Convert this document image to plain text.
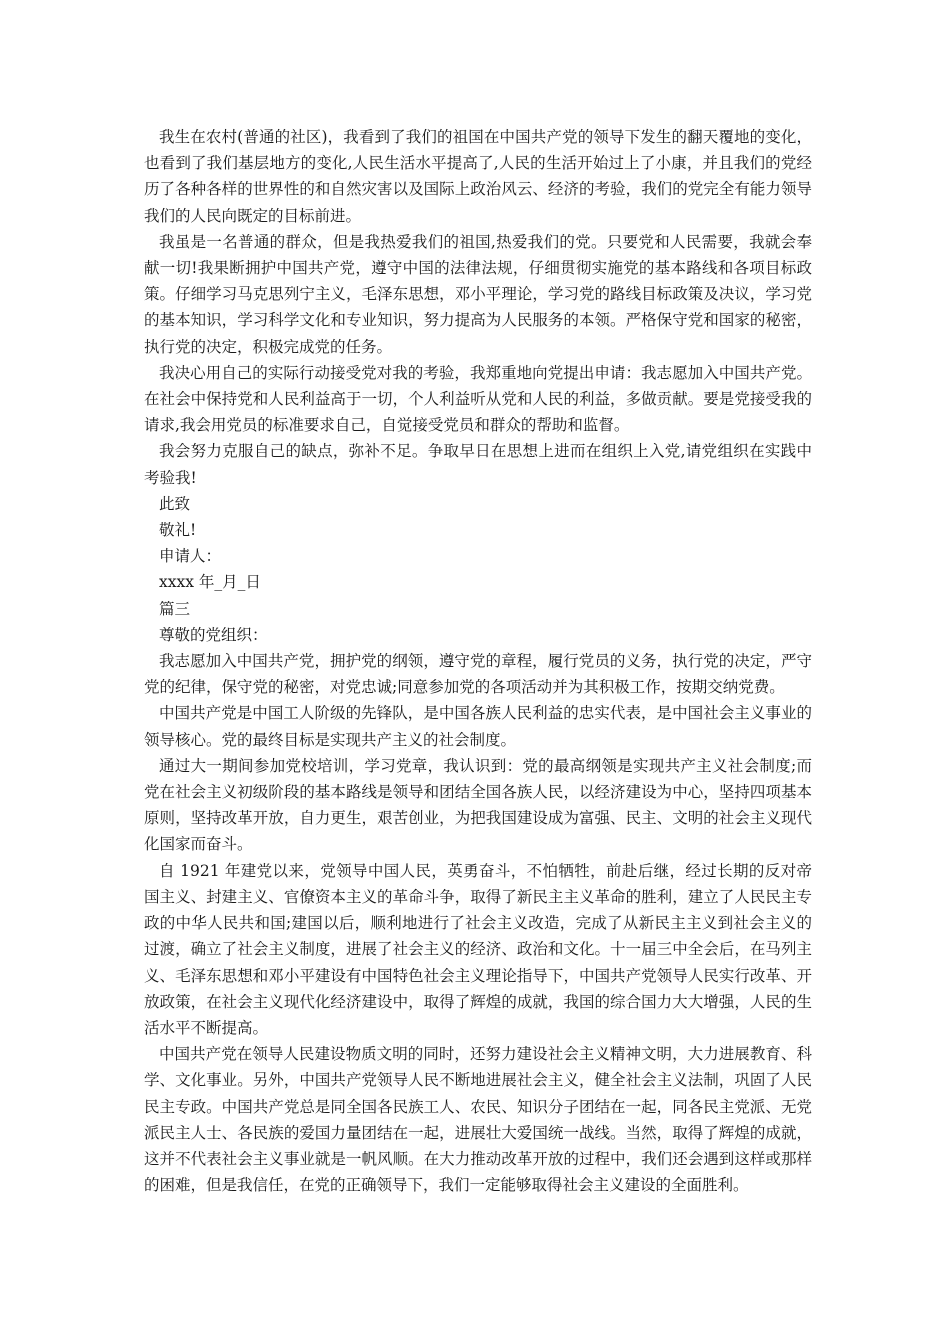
我生在农村(普通的社区)，我看到了我们的祖国在中国共产党的领导下发生的翻天覆地的变化，也看到了我们基层地方的变化,人民生活水平提高了,人民的生活开始过上了小康，并且我们的党经历了各种各样的世界性的和自然灾害以及国际上政治风云、经济的考验，我们的党完全有能力领导我们的人民向既定的目标前进。

我虽是一名普通的群众，但是我热爱我们的祖国,热爱我们的党。只要党和人民需要，我就会奉献一切!我果断拥护中国共产党，遵守中国的法律法规，仔细贯彻实施党的基本路线和各项目标政策。仔细学习马克思列宁主义，毛泽东思想，邓小平理论，学习党的路线目标政策及决议，学习党的基本知识，学习科学文化和专业知识，努力提高为人民服务的本领。严格保守党和国家的秘密，执行党的决定，积极完成党的任务。

我决心用自己的实际行动接受党对我的考验，我郑重地向党提出申请：我志愿加入中国共产党。在社会中保持党和人民利益高于一切，个人利益听从党和人民的利益，多做贡献。要是党接受我的请求,我会用党员的标准要求自己，自觉接受党员和群众的帮助和监督。

我会努力克服自己的缺点，弥补不足。争取早日在思想上进而在组织上入党,请党组织在实践中考验我!

此致

敬礼!

申请人：

xxxx 年_月_日

篇三

尊敬的党组织：

我志愿加入中国共产党，拥护党的纲领，遵守党的章程，履行党员的义务，执行党的决定，严守党的纪律，保守党的秘密，对党忠诚;同意参加党的各项活动并为其积极工作，按期交纳党费。

中国共产党是中国工人阶级的先锋队，是中国各族人民利益的忠实代表，是中国社会主义事业的领导核心。党的最终目标是实现共产主义的社会制度。

通过大一期间参加党校培训，学习党章，我认识到：党的最高纲领是实现共产主义社会制度;而党在社会主义初级阶段的基本路线是领导和团结全国各族人民，以经济建设为中心，坚持四项基本原则，坚持改革开放，自力更生，艰苦创业，为把我国建设成为富强、民主、文明的社会主义现代化国家而奋斗。

自 1921 年建党以来，党领导中国人民，英勇奋斗，不怕牺牲，前赴后继，经过长期的反对帝国主义、封建主义、官僚资本主义的革命斗争，取得了新民主主义革命的胜利，建立了人民民主专政的中华人民共和国;建国以后，顺利地进行了社会主义改造，完成了从新民主主义到社会主义的过渡，确立了社会主义制度，进展了社会主义的经济、政治和文化。十一届三中全会后，在马列主义、毛泽东思想和邓小平建设有中国特色社会主义理论指导下，中国共产党领导人民实行改革、开放政策，在社会主义现代化经济建设中，取得了辉煌的成就，我国的综合国力大大增强，人民的生活水平不断提高。

中国共产党在领导人民建设物质文明的同时，还努力建设社会主义精神文明，大力进展教育、科学、文化事业。另外，中国共产党领导人民不断地进展社会主义，健全社会主义法制，巩固了人民民主专政。中国共产党总是同全国各民族工人、农民、知识分子团结在一起，同各民主党派、无党派民主人士、各民族的爱国力量团结在一起，进展壮大爱国统一战线。当然，取得了辉煌的成就，这并不代表社会主义事业就是一帆风顺。在大力推动改革开放的过程中，我们还会遇到这样或那样的困难，但是我信任，在党的正确领导下，我们一定能够取得社会主义建设的全面胜利。
